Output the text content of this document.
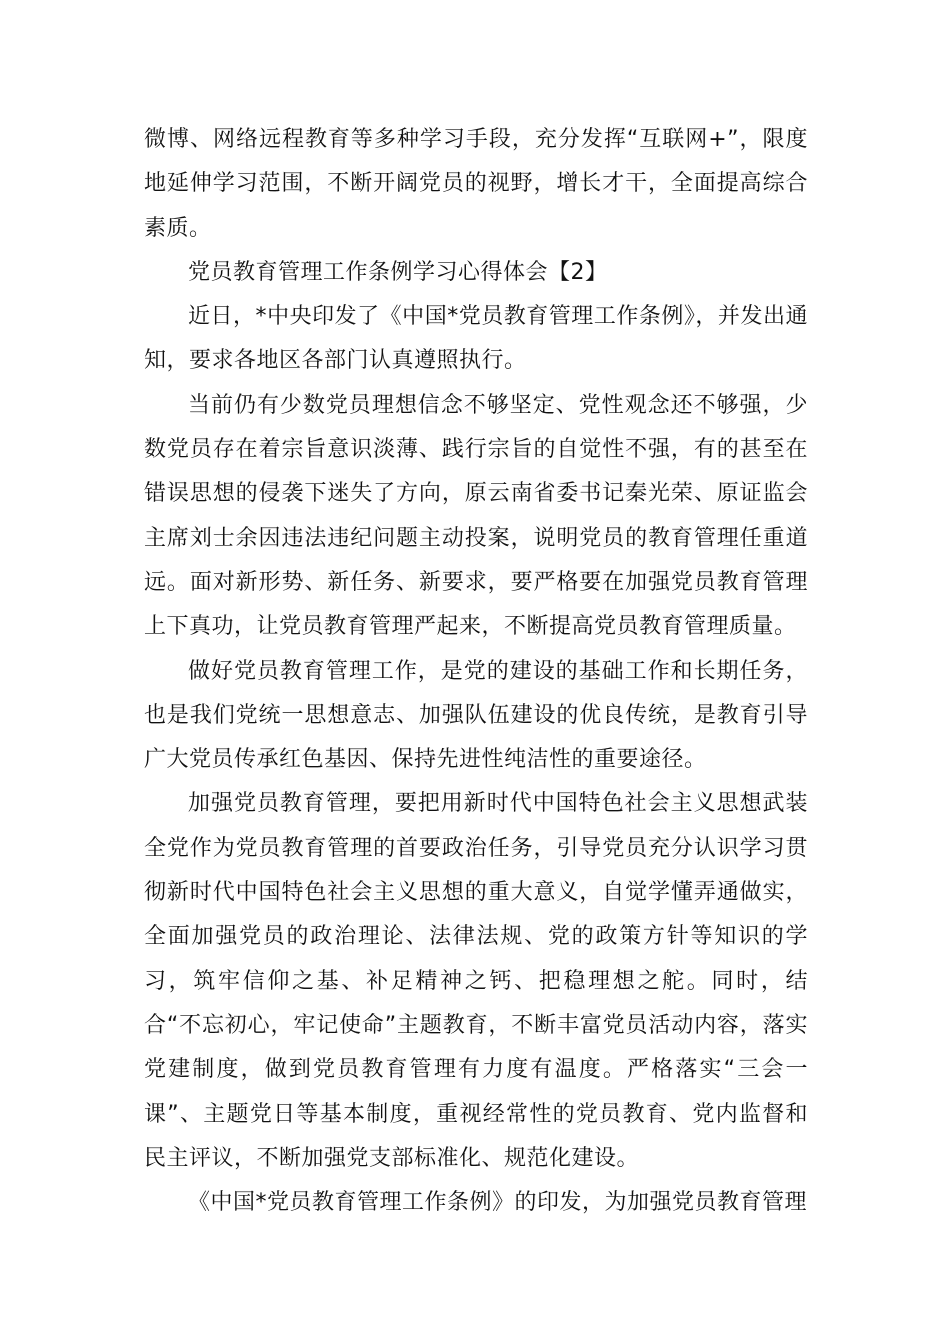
微博、网络远程教育等多种学习手段，充分发挥“互联网+”，限度地延伸学习范围，不断开阔党员的视野，增长才干，全面提高综合素质。

党员教育管理工作条例学习心得体会【2】

近日，*中央印发了《中国*党员教育管理工作条例》，并发出通知，要求各地区各部门认真遵照执行。

当前仍有少数党员理想信念不够坚定、党性观念还不够强，少数党员存在着宗旨意识淡薄、践行宗旨的自觉性不强，有的甚至在错误思想的侵袭下迷失了方向，原云南省委书记秦光荣、原证监会主席刘士余因违法违纪问题主动投案，说明党员的教育管理任重道远。面对新形势、新任务、新要求，要严格要在加强党员教育管理上下真功，让党员教育管理严起来，不断提高党员教育管理质量。

做好党员教育管理工作，是党的建设的基础工作和长期任务，也是我们党统一思想意志、加强队伍建设的优良传统，是教育引导广大党员传承红色基因、保持先进性纯洁性的重要途径。

加强党员教育管理，要把用新时代中国特色社会主义思想武装全党作为党员教育管理的首要政治任务，引导党员充分认识学习贯彻新时代中国特色社会主义思想的重大意义，自觉学懂弄通做实，全面加强党员的政治理论、法律法规、党的政策方针等知识的学习，筑牢信仰之基、补足精神之钙、把稳理想之舵。同时，结合“不忘初心，牢记使命”主题教育，不断丰富党员活动内容，落实党建制度，做到党员教育管理有力度有温度。严格落实“三会一课”、主题党日等基本制度，重视经常性的党员教育、党内监督和民主评议，不断加强党支部标准化、规范化建设。

《中国*党员教育管理工作条例》的印发，为加强党员教育管理
